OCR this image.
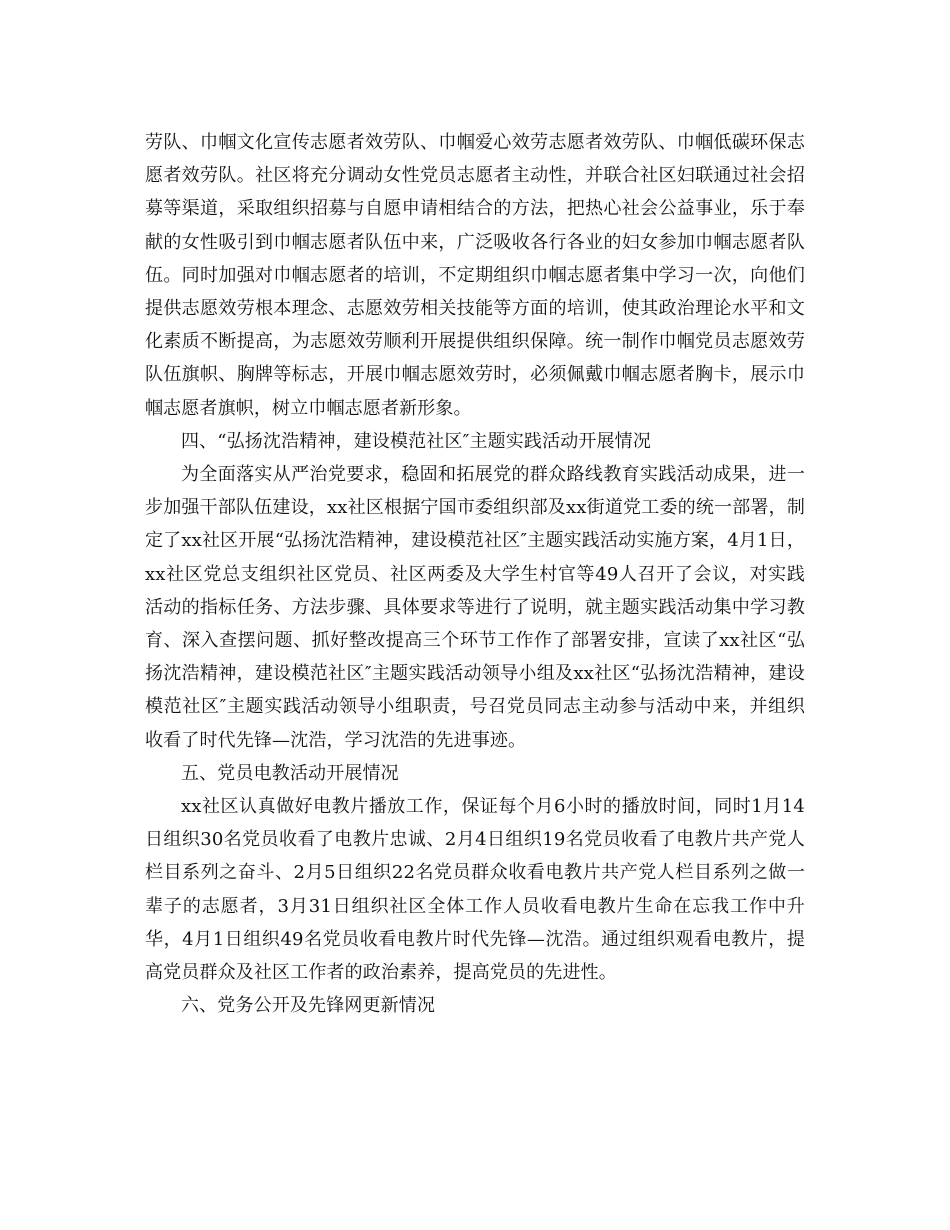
劳队、巾帼文化宣传志愿者效劳队、巾帼爱心效劳志愿者效劳队、巾帼低碳环保志愿者效劳队。社区将充分调动女性党员志愿者主动性，并联合社区妇联通过社会招募等渠道，采取组织招募与自愿申请相结合的方法，把热心社会公益事业，乐于奉献的女性吸引到巾帼志愿者队伍中来，广泛吸收各行各业的妇女参加巾帼志愿者队伍。同时加强对巾帼志愿者的培训，不定期组织巾帼志愿者集中学习一次，向他们提供志愿效劳根本理念、志愿效劳相关技能等方面的培训，使其政治理论水平和文化素质不断提高，为志愿效劳顺利开展提供组织保障。统一制作巾帼党员志愿效劳队伍旗帜、胸牌等标志，开展巾帼志愿效劳时，必须佩戴巾帼志愿者胸卡，展示巾帼志愿者旗帜，树立巾帼志愿者新形象。

四、“弘扬沈浩精神，建设模范社区″主题实践活动开展情况

为全面落实从严治党要求，稳固和拓展党的群众路线教育实践活动成果，进一步加强干部队伍建设，xx社区根据宁国市委组织部及xx街道党工委的统一部署，制定了xx社区开展“弘扬沈浩精神，建设模范社区″主题实践活动实施方案，4月1日，xx社区党总支组织社区党员、社区两委及大学生村官等49人召开了会议，对实践活动的指标任务、方法步骤、具体要求等进行了说明，就主题实践活动集中学习教育、深入查摆问题、抓好整改提高三个环节工作作了部署安排，宣读了xx社区“弘扬沈浩精神，建设模范社区″主题实践活动领导小组及xx社区“弘扬沈浩精神，建设模范社区″主题实践活动领导小组职责，号召党员同志主动参与活动中来，并组织收看了时代先锋—沈浩，学习沈浩的先进事迹。

五、党员电教活动开展情况

xx社区认真做好电教片播放工作，保证每个月6小时的播放时间，同时1月14日组织30名党员收看了电教片忠诚、2月4日组织19名党员收看了电教片共产党人栏目系列之奋斗、2月5日组织22名党员群众收看电教片共产党人栏目系列之做一辈子的志愿者，3月31日组织社区全体工作人员收看电教片生命在忘我工作中升华，4月1日组织49名党员收看电教片时代先锋—沈浩。通过组织观看电教片，提高党员群众及社区工作者的政治素养，提高党员的先进性。

六、党务公开及先锋网更新情况
